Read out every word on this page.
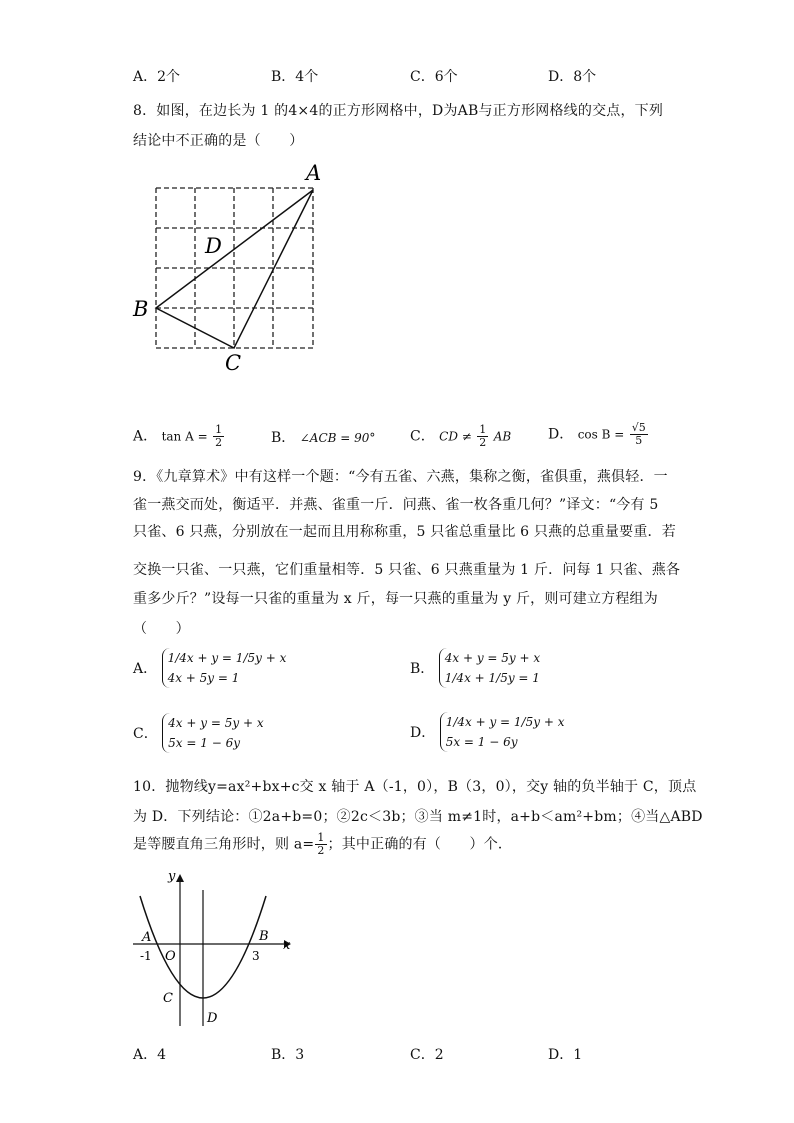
A．2个	B．4个	C．6个	D．8个
8．如图，在边长为 1 的4×4的正方形网格中，D为AB与正方形网格线的交点，下列
结论中不正确的是（　　）
A
B
C
D
A． $\tan A = \frac{1}{2}$	B． ∠ACB = 90° C． CD ≠ $\frac{1}{2}$ AB	D． $\cos B = \frac{√5}{5}$
9．《九章算术》中有这样一个题：“今有五雀、六燕，集称之衡，雀俱重，燕俱轻．一
雀一燕交而处，衡适平．并燕、雀重一斤．问燕、雀一枚各重几何？”译文：“今有 5
只雀、6 只燕，分别放在一起而且用称称重，5 只雀总重量比 6 只燕的总重量要重．若
交换一只雀、一只燕，它们重量相等．5 只雀、6 只燕重量为 1 斤．问每 1 只雀、燕各
重多少斤？”设每一只雀的重量为 x 斤，每一只燕的重量为 y 斤，则可建立方程组为
（　　）
A．
1/4x + y = 1/5y + x
4x + 5y = 1
B．
4x + y = 5y + x
1/4x + 1/5y = 1
C．
4x + y = 5y + x
5x = 1 − 6y
D．
1/4x + y = 1/5y + x
5x = 1 − 6y
10．抛物线y=ax²+bx+c交 x 轴于 A（-1，0），B（3，0），交y 轴的负半轴于 C，顶点
为 D．下列结论：①2a+b=0；②2c＜3b；③当 m≠1时，a+b＜am²+bm；④当△ABD
是等腰直角三角形时，则 $a= \frac{1}{2}$ ；其中正确的有（　　）个．
y
x
A	B
-1 O	3
C
D
A．4	B．3	C．2	D．1
